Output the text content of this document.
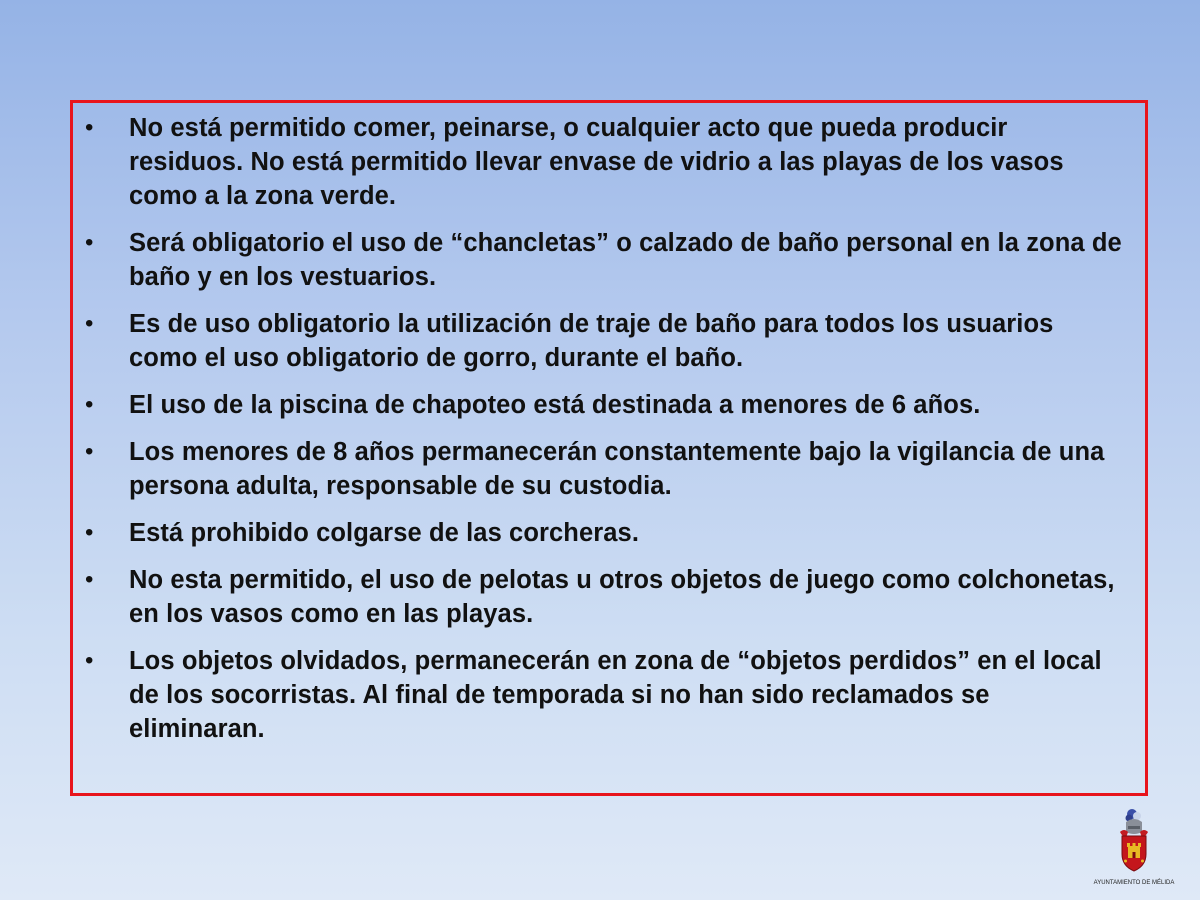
• No está permitido comer, peinarse, o cualquier acto que pueda producir residuos. No está permitido llevar envase de vidrio a las playas de los vasos como a la zona verde.
• Será obligatorio el uso de “chancletas” o calzado de baño personal en la zona de baño y en los vestuarios.
• Es de uso obligatorio la utilización de traje de baño para todos los usuarios como el uso obligatorio de gorro, durante el baño.
• El uso de la piscina de chapoteo está destinada a menores de 6 años.
• Los menores de 8 años permanecerán constantemente bajo la vigilancia de una persona adulta, responsable de su custodia.
• Está prohibido colgarse de las corcheras.
• No esta permitido, el uso de pelotas u otros objetos de juego como colchonetas, en los vasos como en las playas.
• Los objetos olvidados, permanecerán en zona de “objetos perdidos” en el local de los socorristas. Al final de temporada si no han sido reclamados se eliminaran.
AYUNTAMIENTO DE MÉLIDA
